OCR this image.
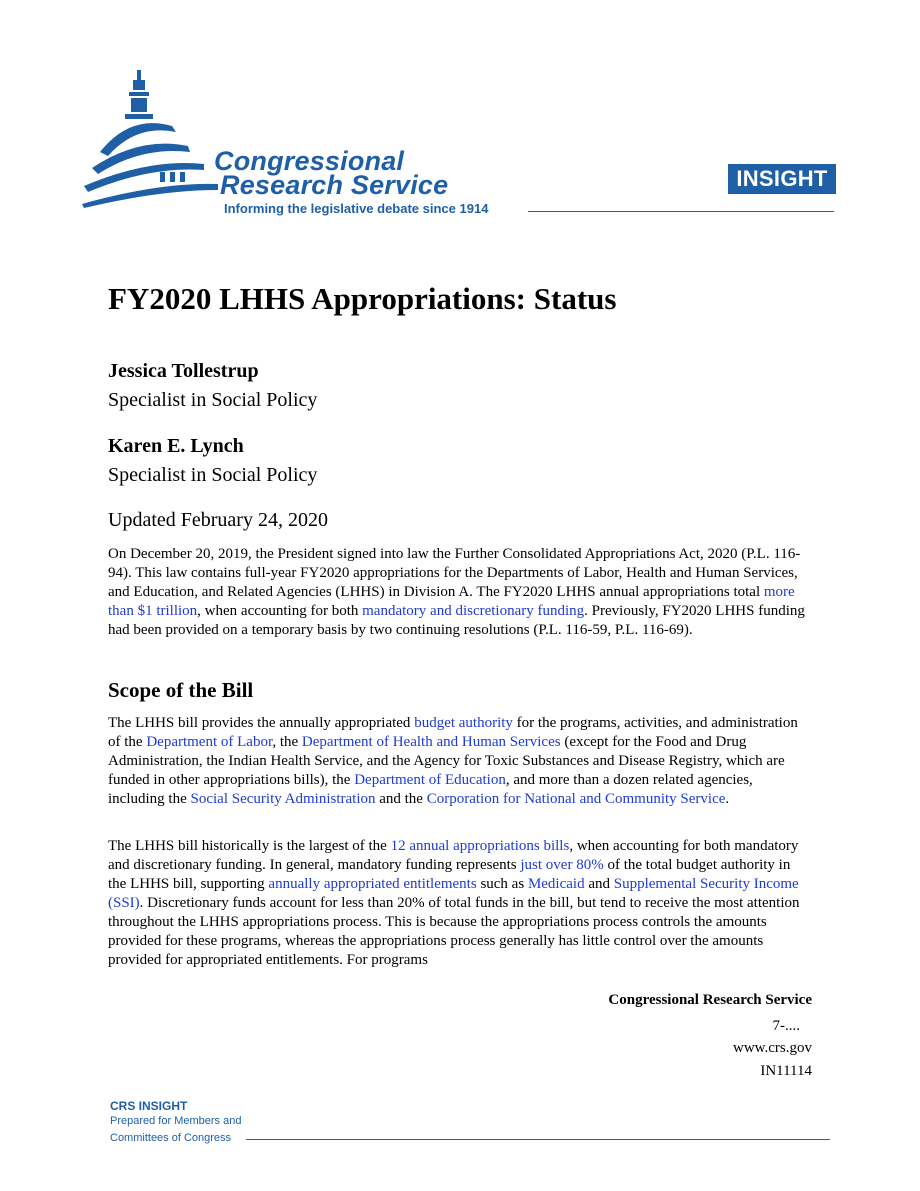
Congressional
Research Service
Informing the legislative debate since 1914
INSIGHT
FY2020 LHHS Appropriations: Status

Jessica Tollestrup

Specialist in Social Policy

Karen E. Lynch

Specialist in Social Policy

Updated February 24, 2020

On December 20, 2019, the President signed into law the Further Consolidated Appropriations Act, 2020 (P.L. 116-94). This law contains full-year FY2020 appropriations for the Departments of Labor, Health and Human Services, and Education, and Related Agencies (LHHS) in Division A. The FY2020 LHHS annual appropriations total more than $1 trillion, when accounting for both mandatory and discretionary funding. Previously, FY2020 LHHS funding had been provided on a temporary basis by two continuing resolutions (P.L. 116-59, P.L. 116-69).

Scope of the Bill

The LHHS bill provides the annually appropriated budget authority for the programs, activities, and administration of the Department of Labor, the Department of Health and Human Services (except for the Food and Drug Administration, the Indian Health Service, and the Agency for Toxic Substances and Disease Registry, which are funded in other appropriations bills), the Department of Education, and more than a dozen related agencies, including the Social Security Administration and the Corporation for National and Community Service.

The LHHS bill historically is the largest of the 12 annual appropriations bills, when accounting for both mandatory and discretionary funding. In general, mandatory funding represents just over 80% of the total budget authority in the LHHS bill, supporting annually appropriated entitlements such as Medicaid and Supplemental Security Income (SSI). Discretionary funds account for less than 20% of total funds in the bill, but tend to receive the most attention throughout the LHHS appropriations process. This is because the appropriations process controls the amounts provided for these programs, whereas the appropriations process generally has little control over the amounts provided for appropriated entitlements. For programs

Congressional Research Service
7-....
www.crs.gov
IN11114
CRS INSIGHT
Prepared for Members and
Committees of Congress
